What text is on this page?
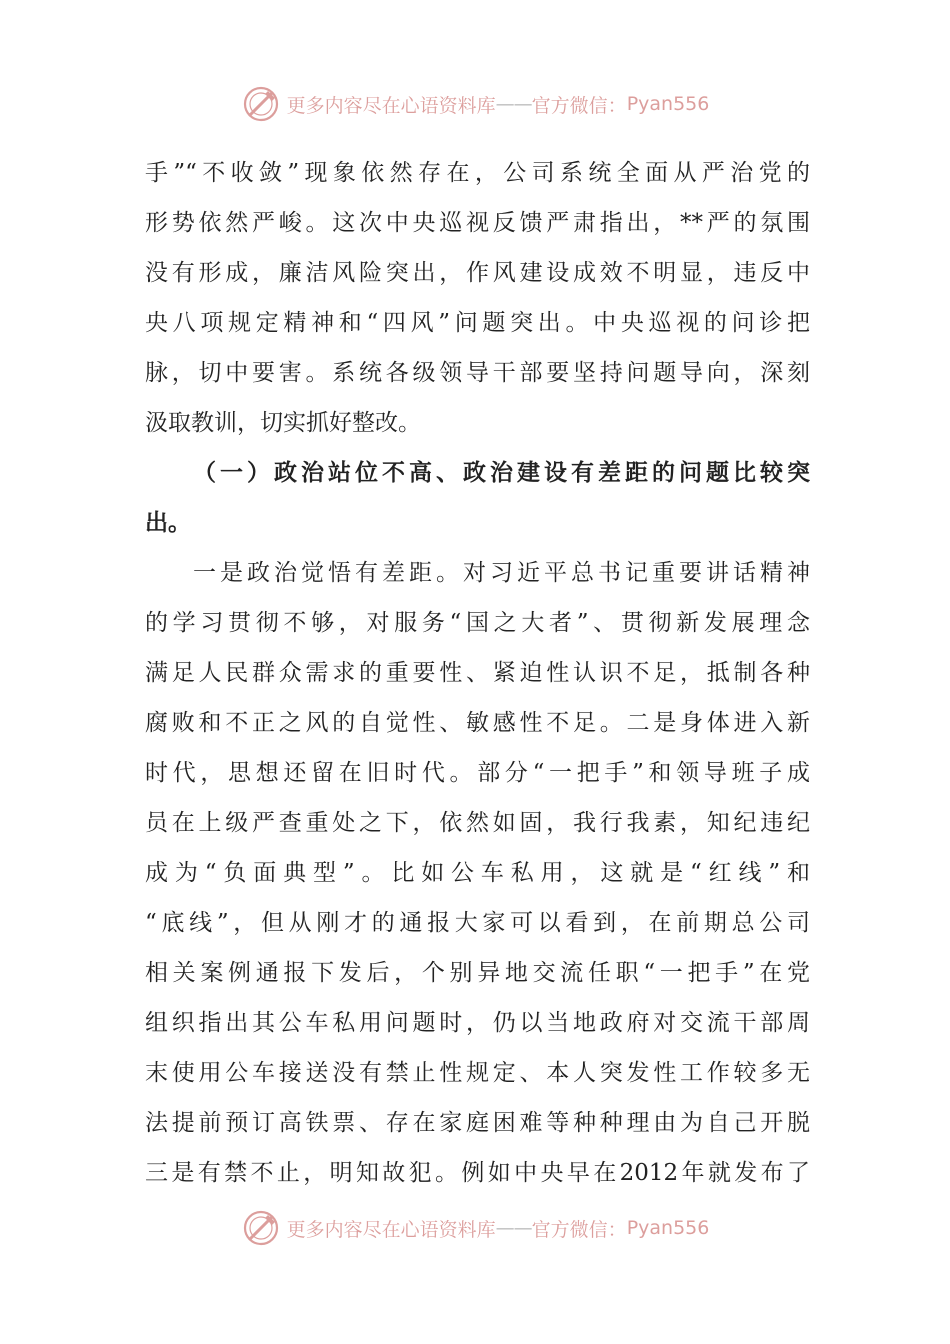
更多内容尽在心语资料库 —— 官方微信： Pyan556
手”“不收敛”现象依然存在，公司系统全面从严治党的
形势依然严峻。这次中央巡视反馈严肃指出，**严的氛围
没有形成，廉洁风险突出，作风建设成效不明显，违反中
央八项规定精神和“四风”问题突出。中央巡视的问诊把
脉，切中要害。系统各级领导干部要坚持问题导向，深刻
汲取教训，切实抓好整改。
（一）政治站位不高、政治建设有差距的问题比较突
出。
一是政治觉悟有差距。对习近平总书记重要讲话精神
的学习贯彻不够，对服务“国之大者”、贯彻新发展理念
满足人民群众需求的重要性、紧迫性认识不足，抵制各种
腐败和不正之风的自觉性、敏感性不足。二是身体进入新
时代，思想还留在旧时代。部分“一把手”和领导班子成
员在上级严查重处之下，依然如固，我行我素，知纪违纪
成为“负面典型”。比如公车私用，这就是“红线”和
“底线”，但从刚才的通报大家可以看到，在前期总公司
相关案例通报下发后，个别异地交流任职“一把手”在党
组织指出其公车私用问题时，仍以当地政府对交流干部周
末使用公车接送没有禁止性规定、本人突发性工作较多无
法提前预订高铁票、存在家庭困难等种种理由为自己开脱
三是有禁不止，明知故犯。例如中央早在2012年就发布了
更多内容尽在心语资料库 —— 官方微信： Pyan556
